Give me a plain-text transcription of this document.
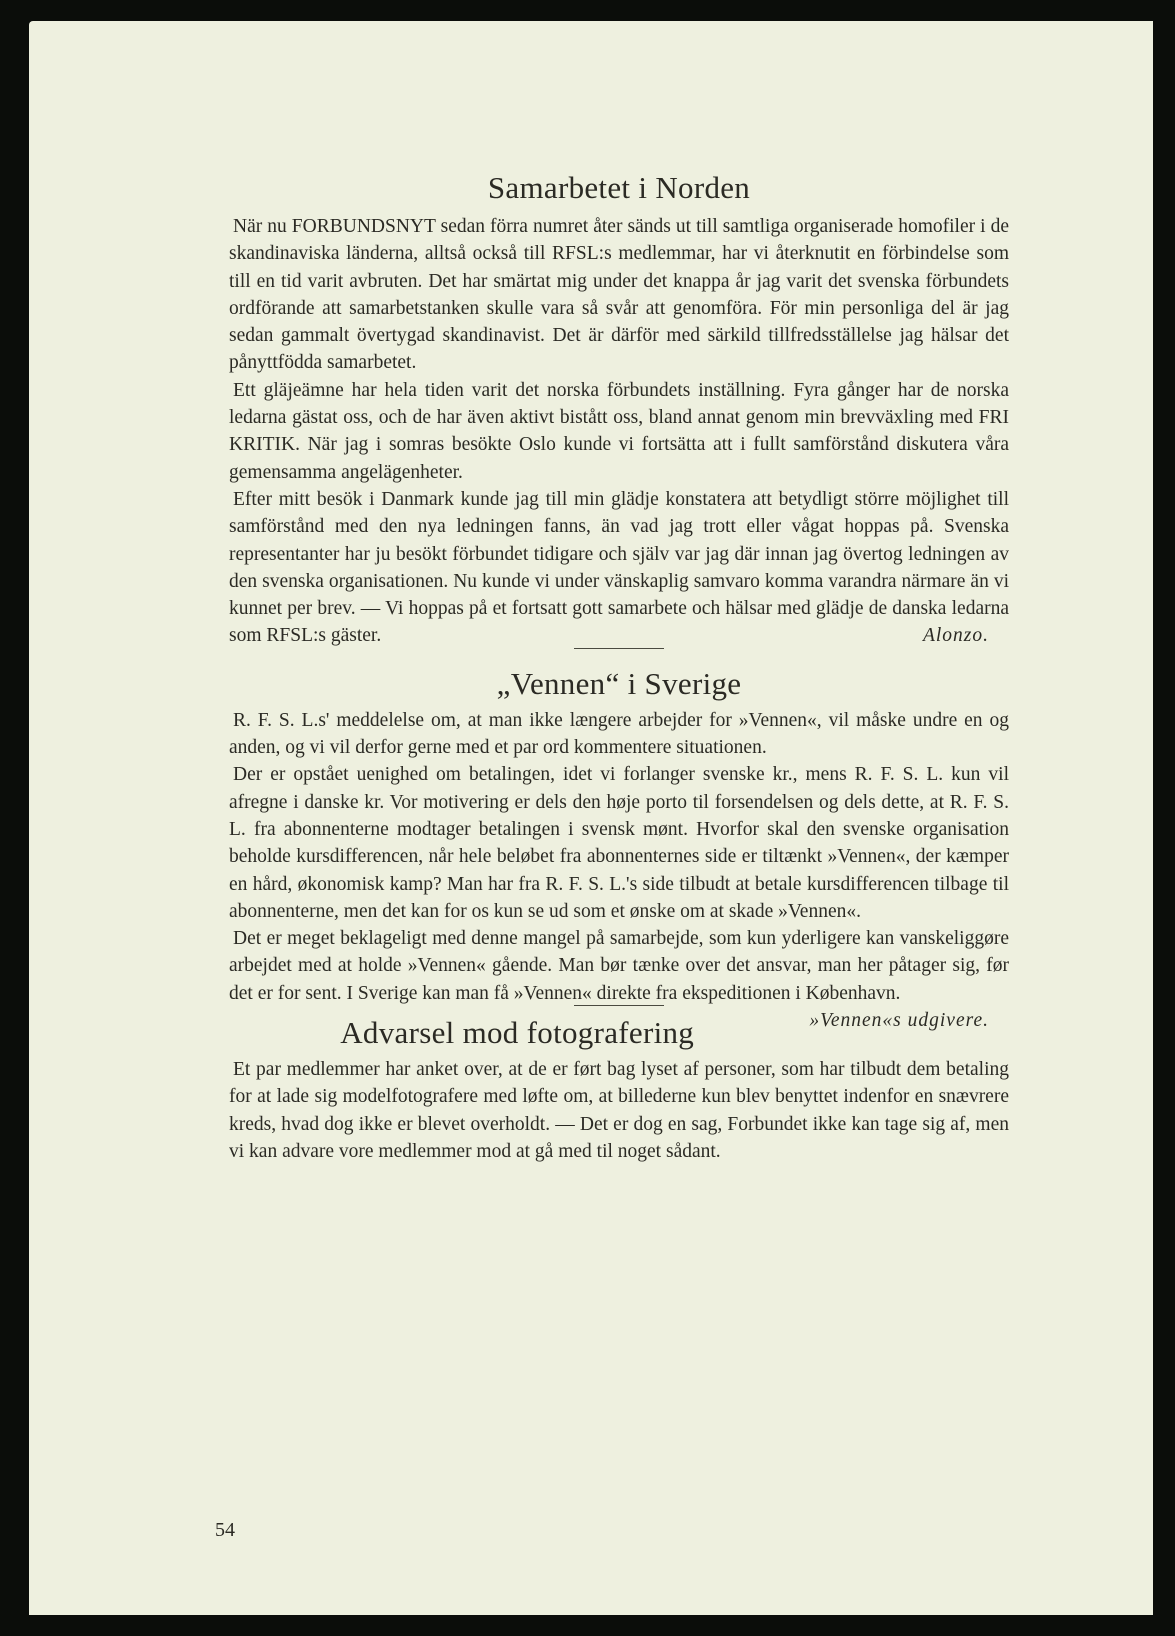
Samarbetet i Norden

När nu FORBUNDSNYT sedan förra numret åter sänds ut till samtliga organiserade homofiler i de skandinaviska länderna, alltså också till RFSL:s medlemmar, har vi återknutit en förbindelse som till en tid varit avbruten. Det har smärtat mig under det knappa år jag varit det svenska förbundets ordförande att samarbetstanken skulle vara så svår att genomföra. För min personliga del är jag sedan gammalt övertygad skandinavist. Det är därför med särkild tillfredsställelse jag hälsar det pånyttfödda samarbetet.

Ett gläjeämne har hela tiden varit det norska förbundets inställning. Fyra gånger har de norska ledarna gästat oss, och de har även aktivt bistått oss, bland annat genom min brevväxling med FRI KRITIK. När jag i somras besökte Oslo kunde vi fortsätta att i fullt samförstånd diskutera våra gemensamma angelägenheter.

Efter mitt besök i Danmark kunde jag till min glädje konstatera att betydligt större möjlighet till samförstånd med den nya ledningen fanns, än vad jag trott eller vågat hoppas på. Svenska representanter har ju besökt förbundet tidigare och själv var jag där innan jag övertog ledningen av den svenska organisationen. Nu kunde vi under vänskaplig samvaro komma varandra närmare än vi kunnet per brev. — Vi hoppas på et fortsatt gott samarbete och hälsar med glädje de danska ledarna som RFSL:s gäster.	Alonzo.

„Vennen“ i Sverige

R. F. S. L.s' meddelelse om, at man ikke længere arbejder for »Vennen«, vil måske undre en og anden, og vi vil derfor gerne med et par ord kommentere situationen.

Der er opstået uenighed om betalingen, idet vi forlanger svenske kr., mens R. F. S. L. kun vil afregne i danske kr. Vor motivering er dels den høje porto til forsendelsen og dels dette, at R. F. S. L. fra abonnenterne modtager betalingen i svensk mønt. Hvorfor skal den svenske organisation beholde kursdifferencen, når hele beløbet fra abonnenternes side er tiltænkt »Vennen«, der kæmper en hård, økonomisk kamp? Man har fra R. F. S. L.'s side tilbudt at betale kursdifferencen tilbage til abonnenterne, men det kan for os kun se ud som et ønske om at skade »Vennen«.

Det er meget beklageligt med denne mangel på samarbejde, som kun yderligere kan vanskeliggøre arbejdet med at holde »Vennen« gående. Man bør tænke over det ansvar, man her påtager sig, før det er for sent. I Sverige kan man få »Vennen« direkte fra ekspeditionen i København.
»Vennen«s udgivere.

Advarsel mod fotografering

Et par medlemmer har anket over, at de er ført bag lyset af personer, som har tilbudt dem betaling for at lade sig modelfotografere med løfte om, at billederne kun blev benyttet indenfor en snævrere kreds, hvad dog ikke er blevet overholdt. — Det er dog en sag, Forbundet ikke kan tage sig af, men vi kan advare vore medlemmer mod at gå med til noget sådant.

54
